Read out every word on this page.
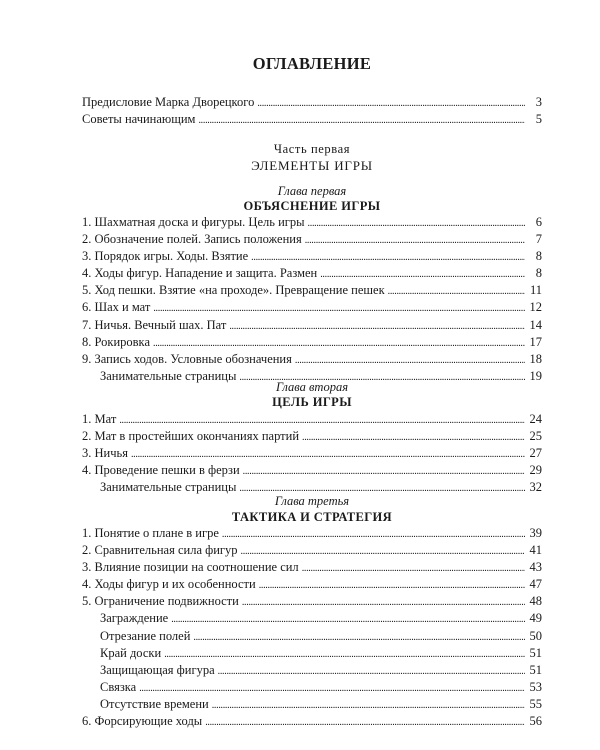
ОГЛАВЛЕНИЕ
Предисловие Марка Дворецкого . . .	3
Советы начинающим . . .	5
Часть первая
ЭЛЕМЕНТЫ ИГРЫ
Глава первая
ОБЪЯСНЕНИЕ ИГРЫ
1. Шахматная доска и фигуры. Цель игры . . .	6
2. Обозначение полей. Запись положения . . .	7
3. Порядок игры. Ходы. Взятие . . .	8
4. Ходы фигур. Нападение и защита. Размен . . .	8
5. Ход пешки. Взятие «на проходе». Превращение пешек . . .	11
6. Шах и мат . . .	12
7. Ничья. Вечный шах. Пат . . .	14
8. Рокировка . . .	17
9. Запись ходов. Условные обозначения . . .	18
Занимательные страницы . . .	19
Глава вторая
ЦЕЛЬ ИГРЫ
1. Мат . . .	24
2. Мат в простейших окончаниях партий . . .	25
3. Ничья . . .	27
4. Проведение пешки в ферзи . . .	29
Занимательные страницы . . .	32
Глава третья
ТАКТИКА И СТРАТЕГИЯ
1. Понятие о плане в игре . . .	39
2. Сравнительная сила фигур . . .	41
3. Влияние позиции на соотношение сил . . .	43
4. Ходы фигур и их особенности . . .	47
5. Ограничение подвижности . . .	48
Заграждение . . .	49
Отрезание полей . . .	50
Край доски . . .	51
Защищающая фигура . . .	51
Связка . . .	53
Отсутствие времени . . .	55
6. Форсирующие ходы . . .	56
